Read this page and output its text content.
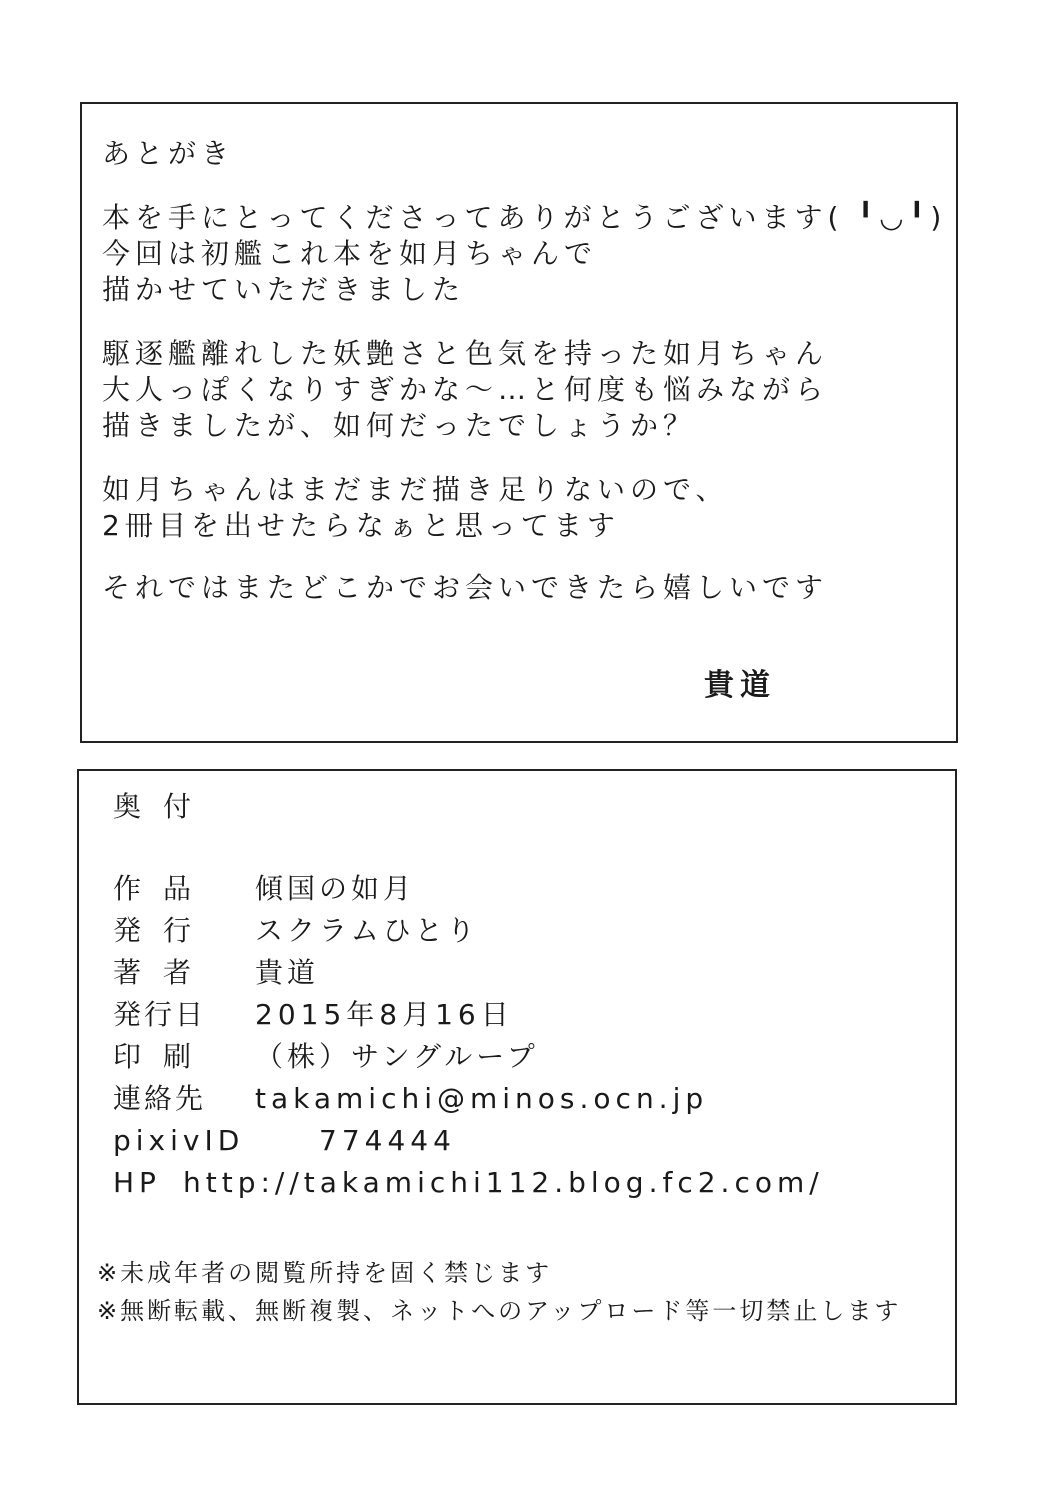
あとがき
本を手にとってくださってありがとうございます( ╹◡╹)
今回は初艦これ本を如月ちゃんで
描かせていただきました
駆逐艦離れした妖艶さと色気を持った如月ちゃん
大人っぽくなりすぎかな～…と何度も悩みながら
描きましたが、如何だったでしょうか？
如月ちゃんはまだまだ描き足りないので、
2冊目を出せたらなぁと思ってます
それではまたどこかでお会いできたら嬉しいです
貴道
奥付
作品 傾国の如月
発行 スクラムひとり
著者 貴道
発行日 2015年8月16日
印刷 （株）サングループ
連絡先 takamichi@minos.ocn.jp
pixivID	774444
HP http://takamichi112.blog.fc2.com/
※未成年者の閲覧所持を固く禁じます
※無断転載、無断複製、ネットへのアップロード等一切禁止します
